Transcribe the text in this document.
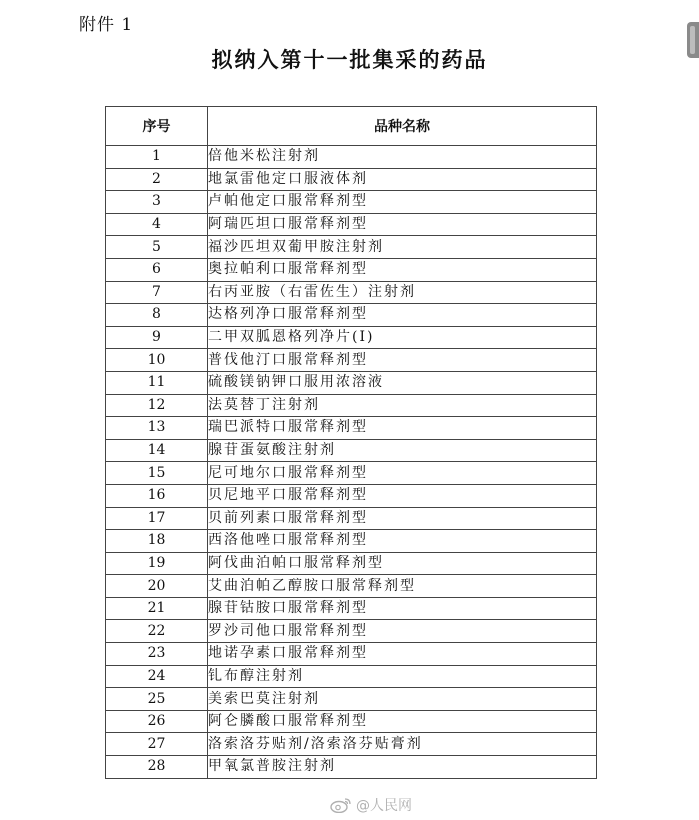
附件 1
拟纳入第十一批集采的药品
序号	品种名称
1	倍他米松注射剂
2	地氯雷他定口服液体剂
3	卢帕他定口服常释剂型
4	阿瑞匹坦口服常释剂型
5	福沙匹坦双葡甲胺注射剂
6	奥拉帕利口服常释剂型
7	右丙亚胺（右雷佐生）注射剂
8	达格列净口服常释剂型
9	二甲双胍恩格列净片(I)
10	普伐他汀口服常释剂型
11	硫酸镁钠钾口服用浓溶液
12	法莫替丁注射剂
13	瑞巴派特口服常释剂型
14	腺苷蛋氨酸注射剂
15	尼可地尔口服常释剂型
16	贝尼地平口服常释剂型
17	贝前列素口服常释剂型
18	西洛他唑口服常释剂型
19	阿伐曲泊帕口服常释剂型
20	艾曲泊帕乙醇胺口服常释剂型
21	腺苷钴胺口服常释剂型
22	罗沙司他口服常释剂型
23	地诺孕素口服常释剂型
24	钆布醇注射剂
25	美索巴莫注射剂
26	阿仑膦酸口服常释剂型
27	洛索洛芬贴剂/洛索洛芬贴膏剂
28	甲氧氯普胺注射剂
@人民网
